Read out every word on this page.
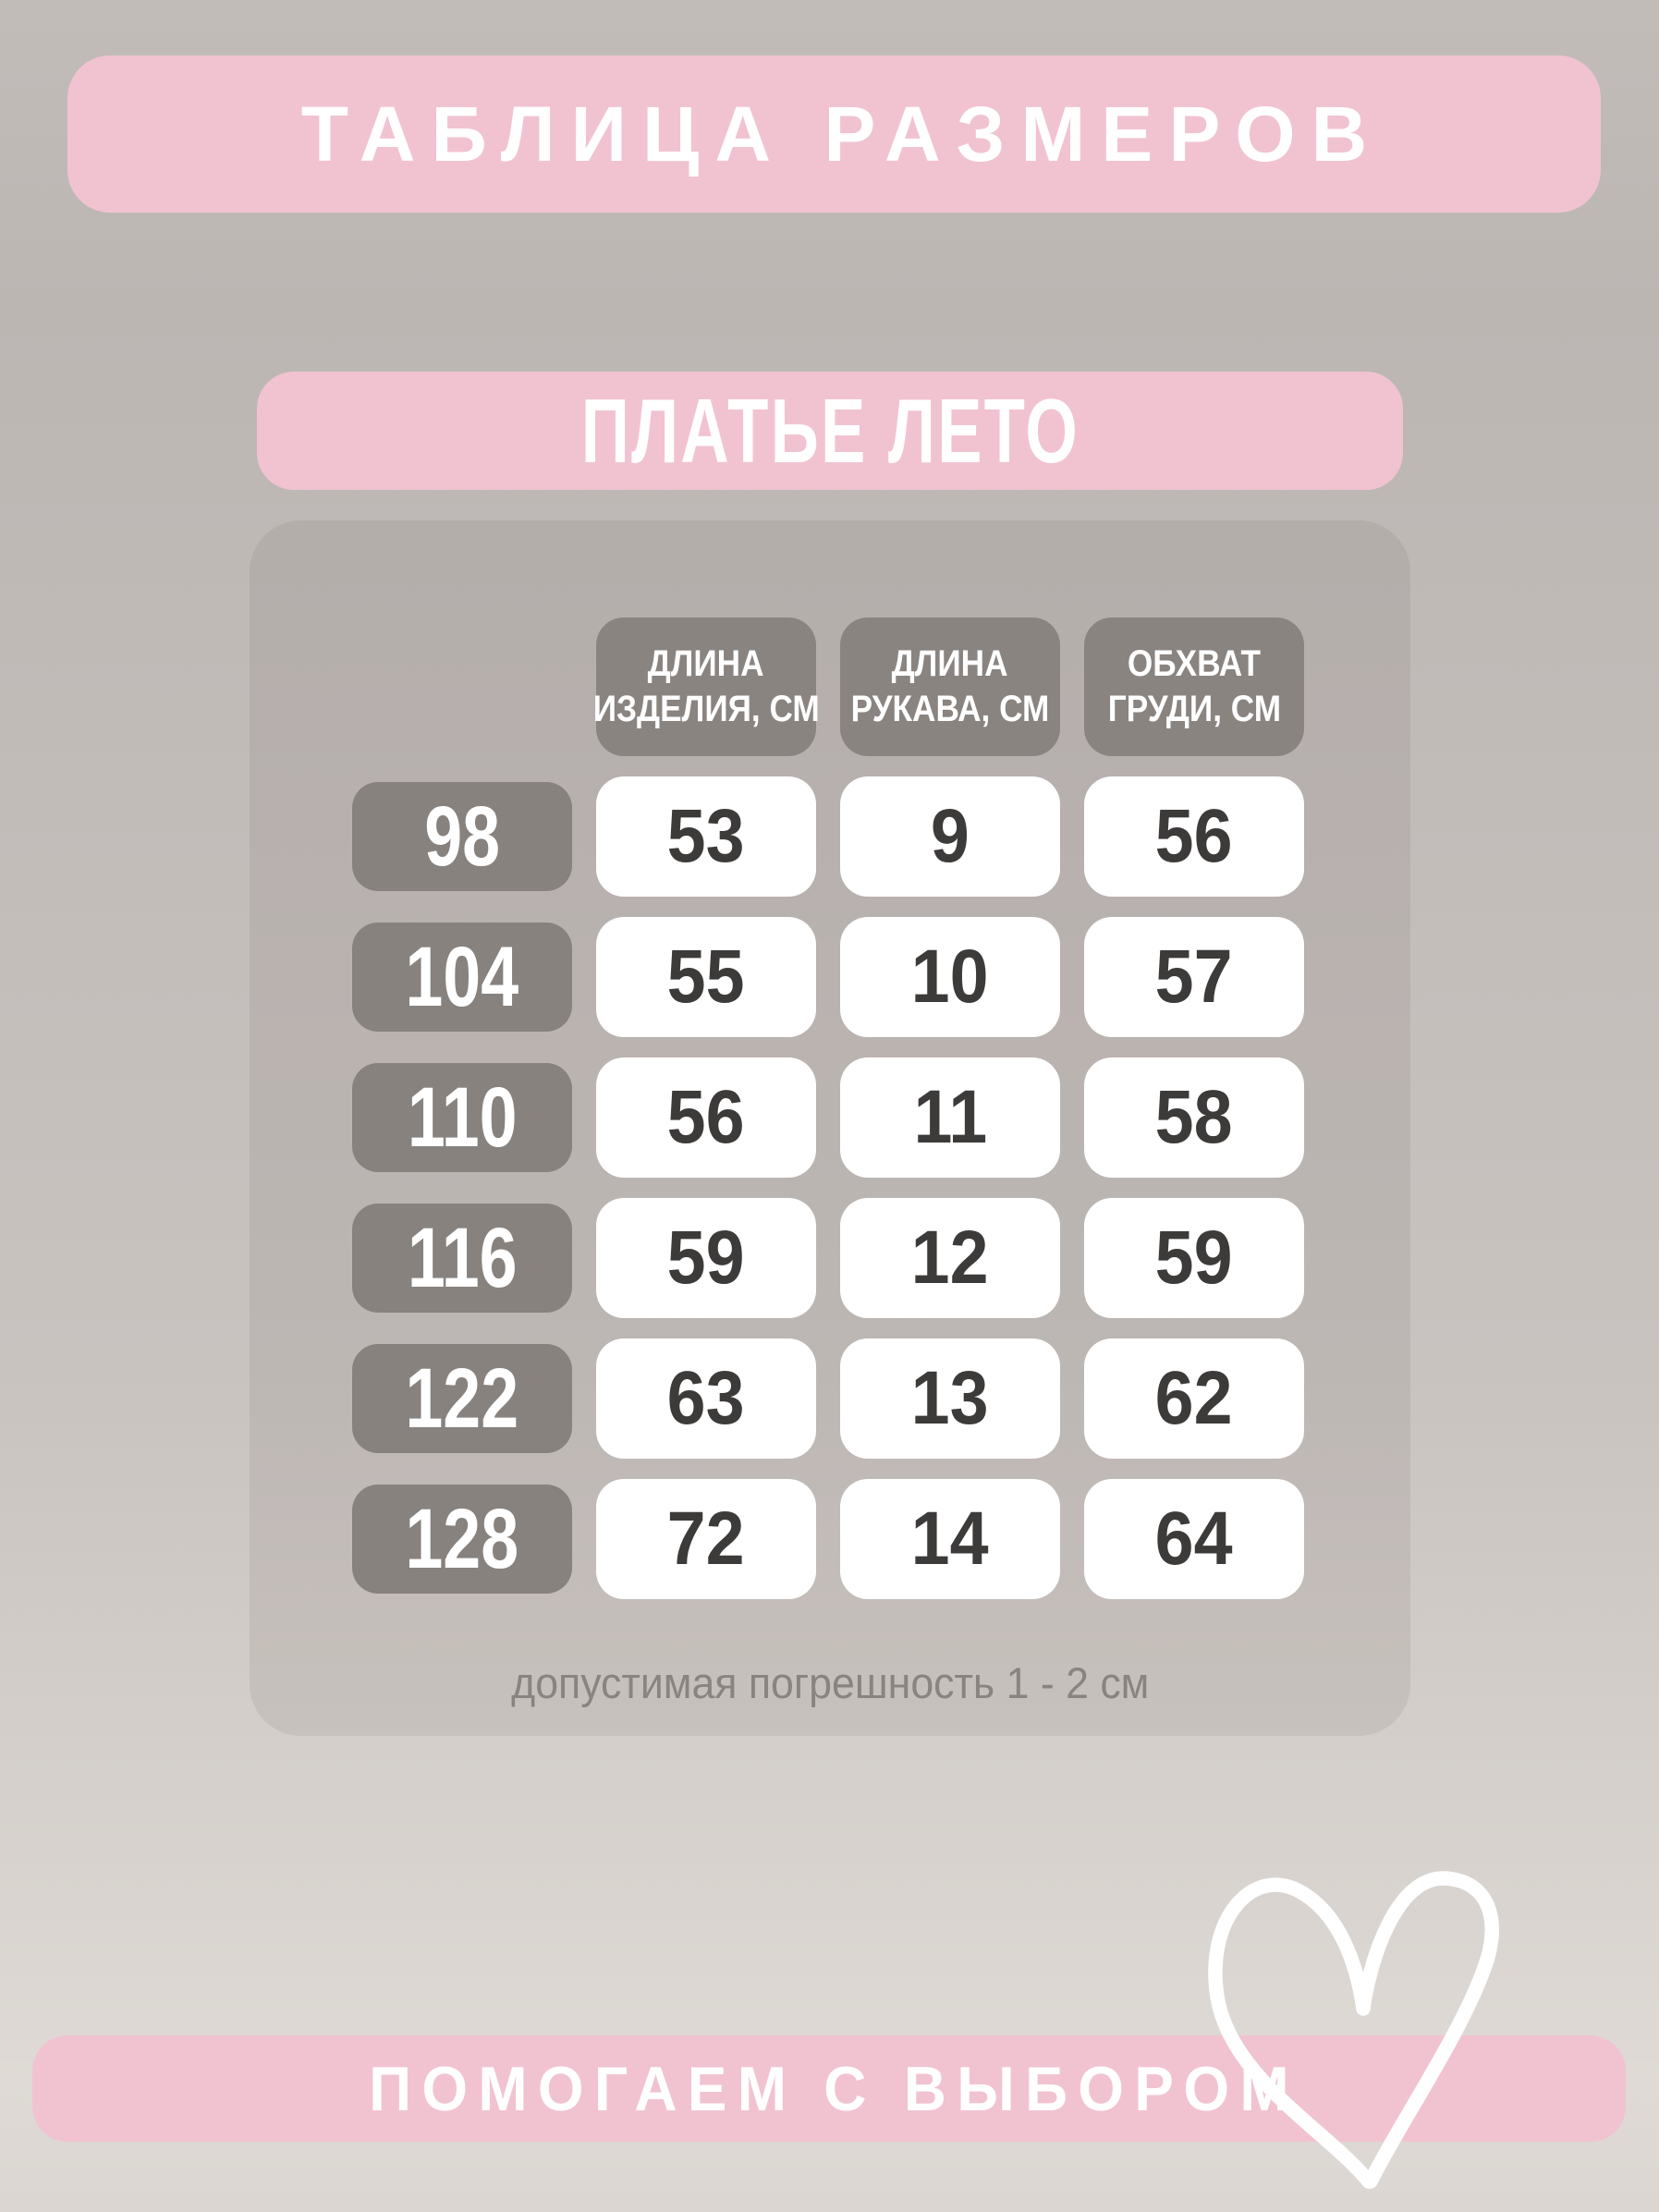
ТАБЛИЦА РАЗМЕРОВ
ПЛАТЬЕ ЛЕТО
ДЛИНА
ИЗДЕЛИЯ, СМ
ДЛИНА
РУКАВА, СМ
ОБХВАТ
ГРУДИ, СМ
98 53 9 56
104 55 10 57
110 56 11 58
116 59 12 59
122 63 13 62
128 72 14 64
допустимая погрешность 1 - 2 см
ПОМОГАЕМ С ВЫБОРОМ
